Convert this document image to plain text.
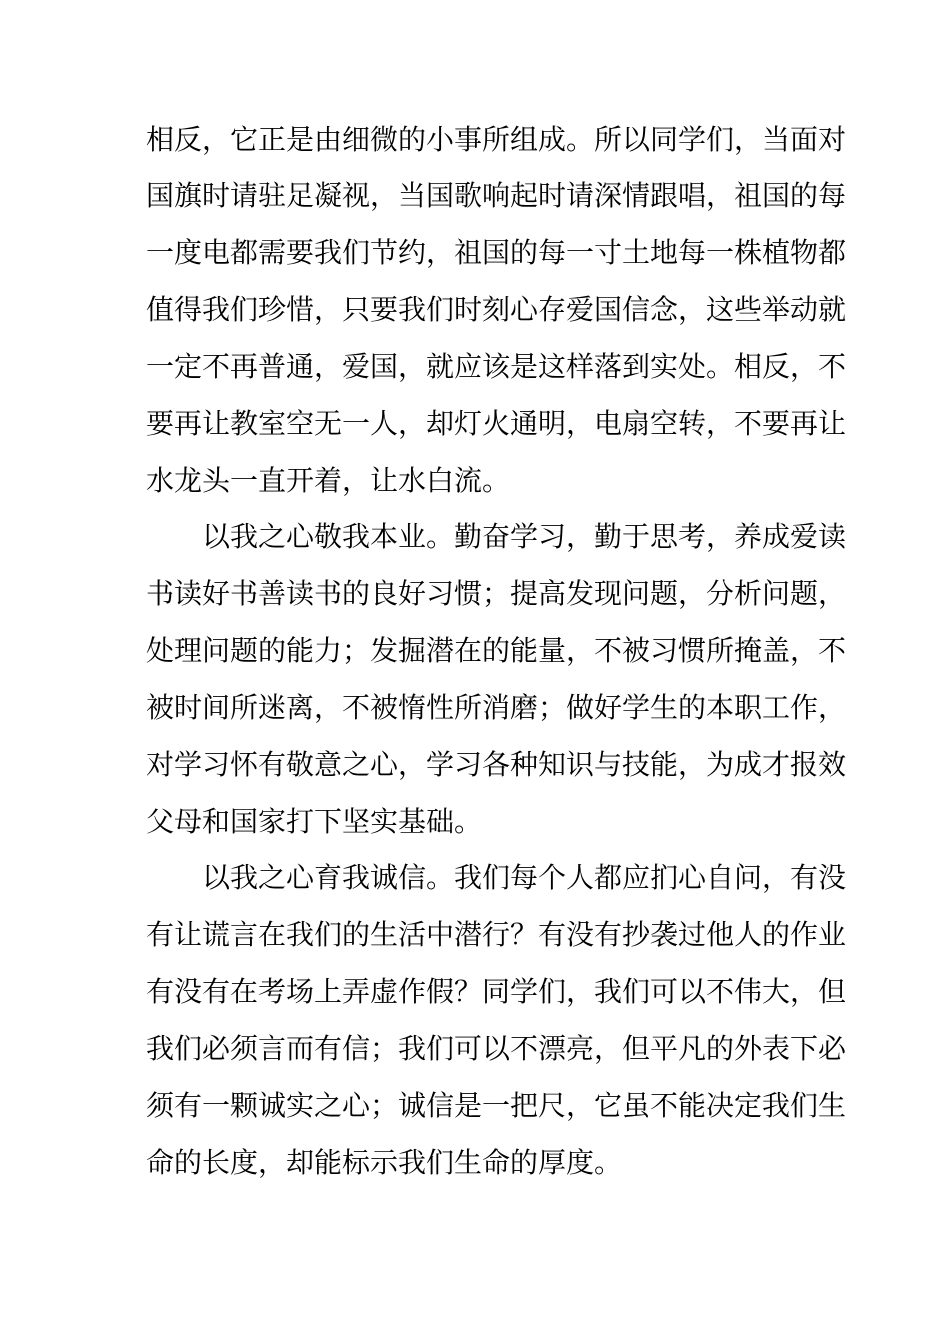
相反，它正是由细微的小事所组成。所以同学们，当面对
国旗时请驻足凝视，当国歌响起时请深情跟唱，祖国的每
一度电都需要我们节约，祖国的每一寸土地每一株植物都
值得我们珍惜，只要我们时刻心存爱国信念，这些举动就
一定不再普通，爱国，就应该是这样落到实处。相反，不
要再让教室空无一人，却灯火通明，电扇空转，不要再让
水龙头一直开着，让水白流。
以我之心敬我本业。勤奋学习，勤于思考，养成爱读
书读好书善读书的良好习惯；提高发现问题，分析问题，
处理问题的能力；发掘潜在的能量，不被习惯所掩盖，不
被时间所迷离，不被惰性所消磨；做好学生的本职工作，
对学习怀有敬意之心，学习各种知识与技能，为成才报效
父母和国家打下坚实基础。
以我之心育我诚信。我们每个人都应扪心自问，有没
有让谎言在我们的生活中潜行？有没有抄袭过他人的作业
有没有在考场上弄虚作假？同学们，我们可以不伟大，但
我们必须言而有信；我们可以不漂亮，但平凡的外表下必
须有一颗诚实之心；诚信是一把尺，它虽不能决定我们生
命的长度，却能标示我们生命的厚度。
